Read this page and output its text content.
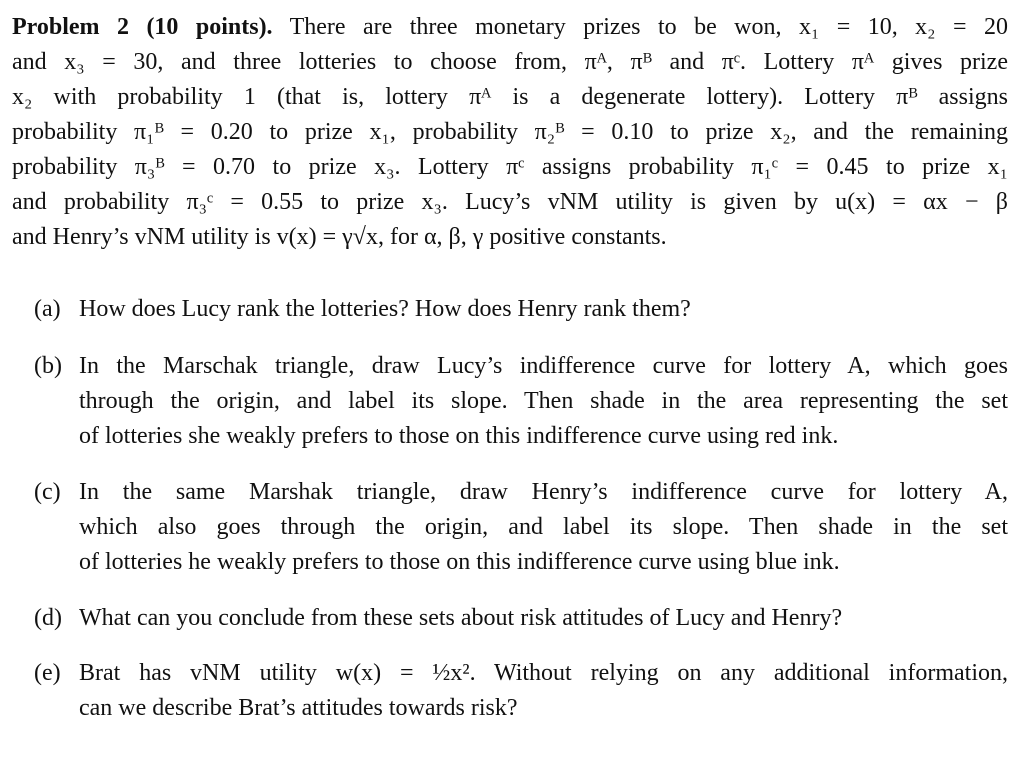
Problem 2 (10 points). There are three monetary prizes to be won, x₁ = 10, x₂ = 20
and x₃ = 30, and three lotteries to choose from, πᴬ, πᴮ and πᶜ. Lottery πᴬ gives prize
x₂ with probability 1 (that is, lottery πᴬ is a degenerate lottery). Lottery πᴮ assigns
probability π₁ᴮ = 0.20 to prize x₁, probability π₂ᴮ = 0.10 to prize x₂, and the remaining
probability π₃ᴮ = 0.70 to prize x₃. Lottery πᶜ assigns probability π₁ᶜ = 0.45 to prize x₁
and probability π₃ᶜ = 0.55 to prize x₃. Lucy’s vNM utility is given by u(x) = αx − β
and Henry’s vNM utility is v(x) = γ√x, for α, β, γ positive constants.
(a) How does Lucy rank the lotteries? How does Henry rank them?
(b) In the Marschak triangle, draw Lucy’s indifference curve for lottery A, which goes
through the origin, and label its slope. Then shade in the area representing the set
of lotteries she weakly prefers to those on this indifference curve using red ink.
(c) In the same Marshak triangle, draw Henry’s indifference curve for lottery A,
which also goes through the origin, and label its slope. Then shade in the set
of lotteries he weakly prefers to those on this indifference curve using blue ink.
(d) What can you conclude from these sets about risk attitudes of Lucy and Henry?
(e) Brat has vNM utility w(x) = ½x². Without relying on any additional information,
can we describe Brat’s attitudes towards risk?
